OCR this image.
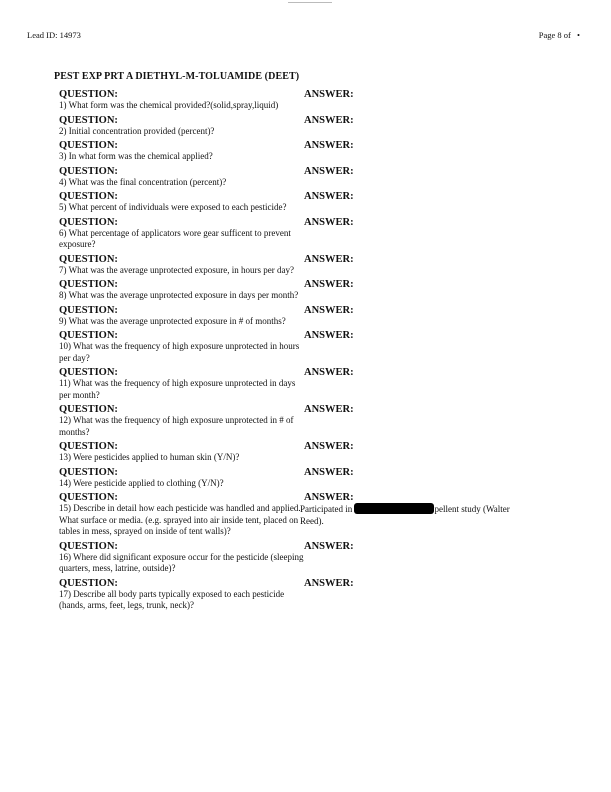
Lead ID: 14973	Page 8 of •
PEST EXP PRT A DIETHYL-M-TOLUAMIDE (DEET)
QUESTION:	ANSWER:
1) What form was the chemical provided?(solid,spray,liquid)
QUESTION:	ANSWER:
2) Initial concentration provided (percent)?
QUESTION:	ANSWER:
3) In what form was the chemical applied?
QUESTION:	ANSWER:
4) What was the final concentration (percent)?
QUESTION:	ANSWER:
5) What percent of individuals were exposed to each pesticide?
QUESTION:	ANSWER:
6) What percentage of applicators wore gear sufficent to prevent exposure?
QUESTION:	ANSWER:
7) What was the average unprotected exposure, in hours per day?
QUESTION:	ANSWER:
8) What was the average unprotected exposure in days per month?
QUESTION:	ANSWER:
9) What was the average unprotected exposure in # of months?
QUESTION:	ANSWER:
10) What was the frequency of high exposure unprotected in hours per day?
QUESTION:	ANSWER:
11) What was the frequency of high exposure unprotected in days per month?
QUESTION:	ANSWER:
12) What was the frequency of high exposure unprotected in # of months?
QUESTION:	ANSWER:
13) Were pesticides applied to human skin (Y/N)?
QUESTION:	ANSWER:
14) Were pesticide applied to clothing (Y/N)?
QUESTION:	ANSWER:
15) Describe in detail how each pesticide was handled and applied. What surface or media. (e.g. sprayed into air inside tent, placed on tables in mess, sprayed on inside of tent walls)?
Participated in	pellent study (Walter
Reed).
QUESTION:	ANSWER:
16) Where did significant exposure occur for the pesticide (sleeping quarters, mess, latrine, outside)?
QUESTION:	ANSWER:
17) Describe all body parts typically exposed to each pesticide (hands, arms, feet, legs, trunk, neck)?
